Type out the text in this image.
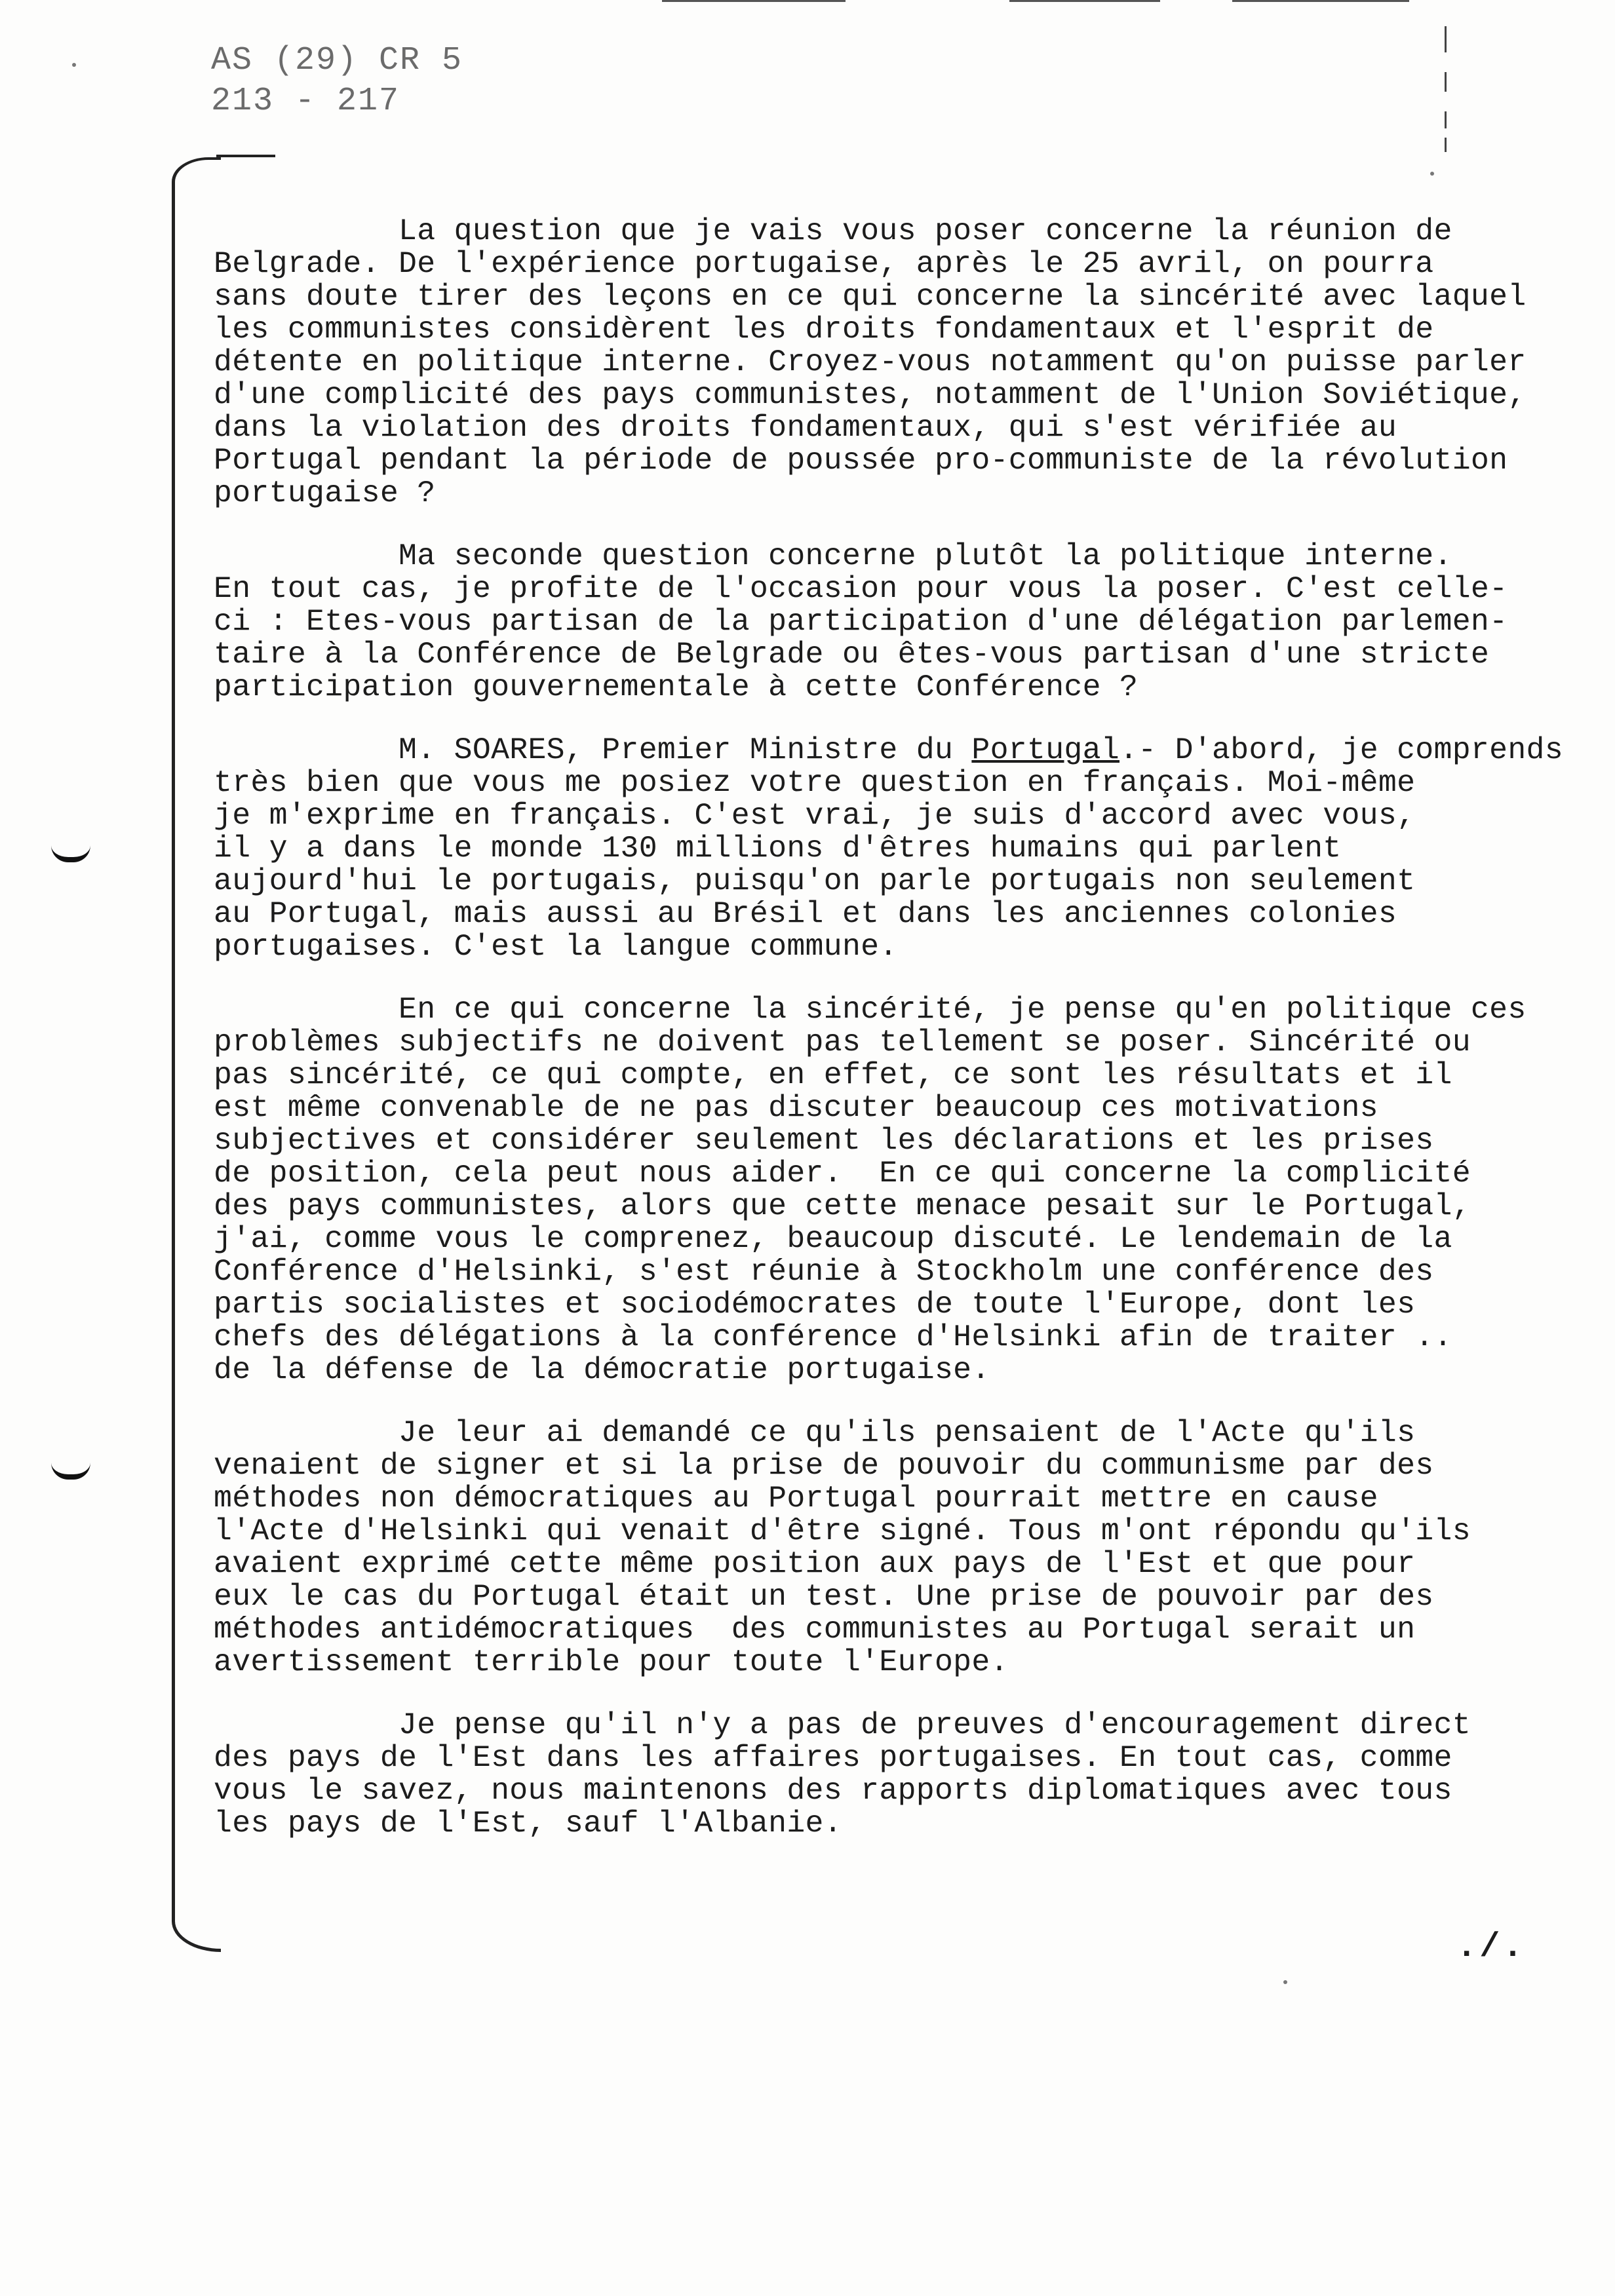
AS (29) CR 5
213 - 217
La question que je vais vous poser concerne la réunion de
Belgrade. De l'expérience portugaise, après le 25 avril, on pourra
sans doute tirer des leçons en ce qui concerne la sincérité avec laquel
les communistes considèrent les droits fondamentaux et l'esprit de
détente en politique interne. Croyez-vous notamment qu'on puisse parler
d'une complicité des pays communistes, notamment de l'Union Soviétique,
dans la violation des droits fondamentaux, qui s'est vérifiée au
Portugal pendant la période de poussée pro-communiste de la révolution
portugaise ?
Ma seconde question concerne plutôt la politique interne.
En tout cas, je profite de l'occasion pour vous la poser. C'est celle-
ci : Etes-vous partisan de la participation d'une délégation parlemen-
taire à la Conférence de Belgrade ou êtes-vous partisan d'une stricte
participation gouvernementale à cette Conférence ?
M. SOARES, Premier Ministre du Portugal.- D'abord, je comprends
très bien que vous me posiez votre question en français. Moi-même
je m'exprime en français. C'est vrai, je suis d'accord avec vous,
il y a dans le monde 130 millions d'êtres humains qui parlent
aujourd'hui le portugais, puisqu'on parle portugais non seulement
au Portugal, mais aussi au Brésil et dans les anciennes colonies
portugaises. C'est la langue commune.
En ce qui concerne la sincérité, je pense qu'en politique ces
problèmes subjectifs ne doivent pas tellement se poser. Sincérité ou
pas sincérité, ce qui compte, en effet, ce sont les résultats et il
est même convenable de ne pas discuter beaucoup ces motivations
subjectives et considérer seulement les déclarations et les prises
de position, cela peut nous aider.  En ce qui concerne la complicité
des pays communistes, alors que cette menace pesait sur le Portugal,
j'ai, comme vous le comprenez, beaucoup discuté. Le lendemain de la
Conférence d'Helsinki, s'est réunie à Stockholm une conférence des
partis socialistes et sociodémocrates de toute l'Europe, dont les
chefs des délégations à la conférence d'Helsinki afin de traiter ..
de la défense de la démocratie portugaise.
Je leur ai demandé ce qu'ils pensaient de l'Acte qu'ils
venaient de signer et si la prise de pouvoir du communisme par des
méthodes non démocratiques au Portugal pourrait mettre en cause
l'Acte d'Helsinki qui venait d'être signé. Tous m'ont répondu qu'ils
avaient exprimé cette même position aux pays de l'Est et que pour
eux le cas du Portugal était un test. Une prise de pouvoir par des
méthodes antidémocratiques  des communistes au Portugal serait un
avertissement terrible pour toute l'Europe.
Je pense qu'il n'y a pas de preuves d'encouragement direct
des pays de l'Est dans les affaires portugaises. En tout cas, comme
vous le savez, nous maintenons des rapports diplomatiques avec tous
les pays de l'Est, sauf l'Albanie.
./.
